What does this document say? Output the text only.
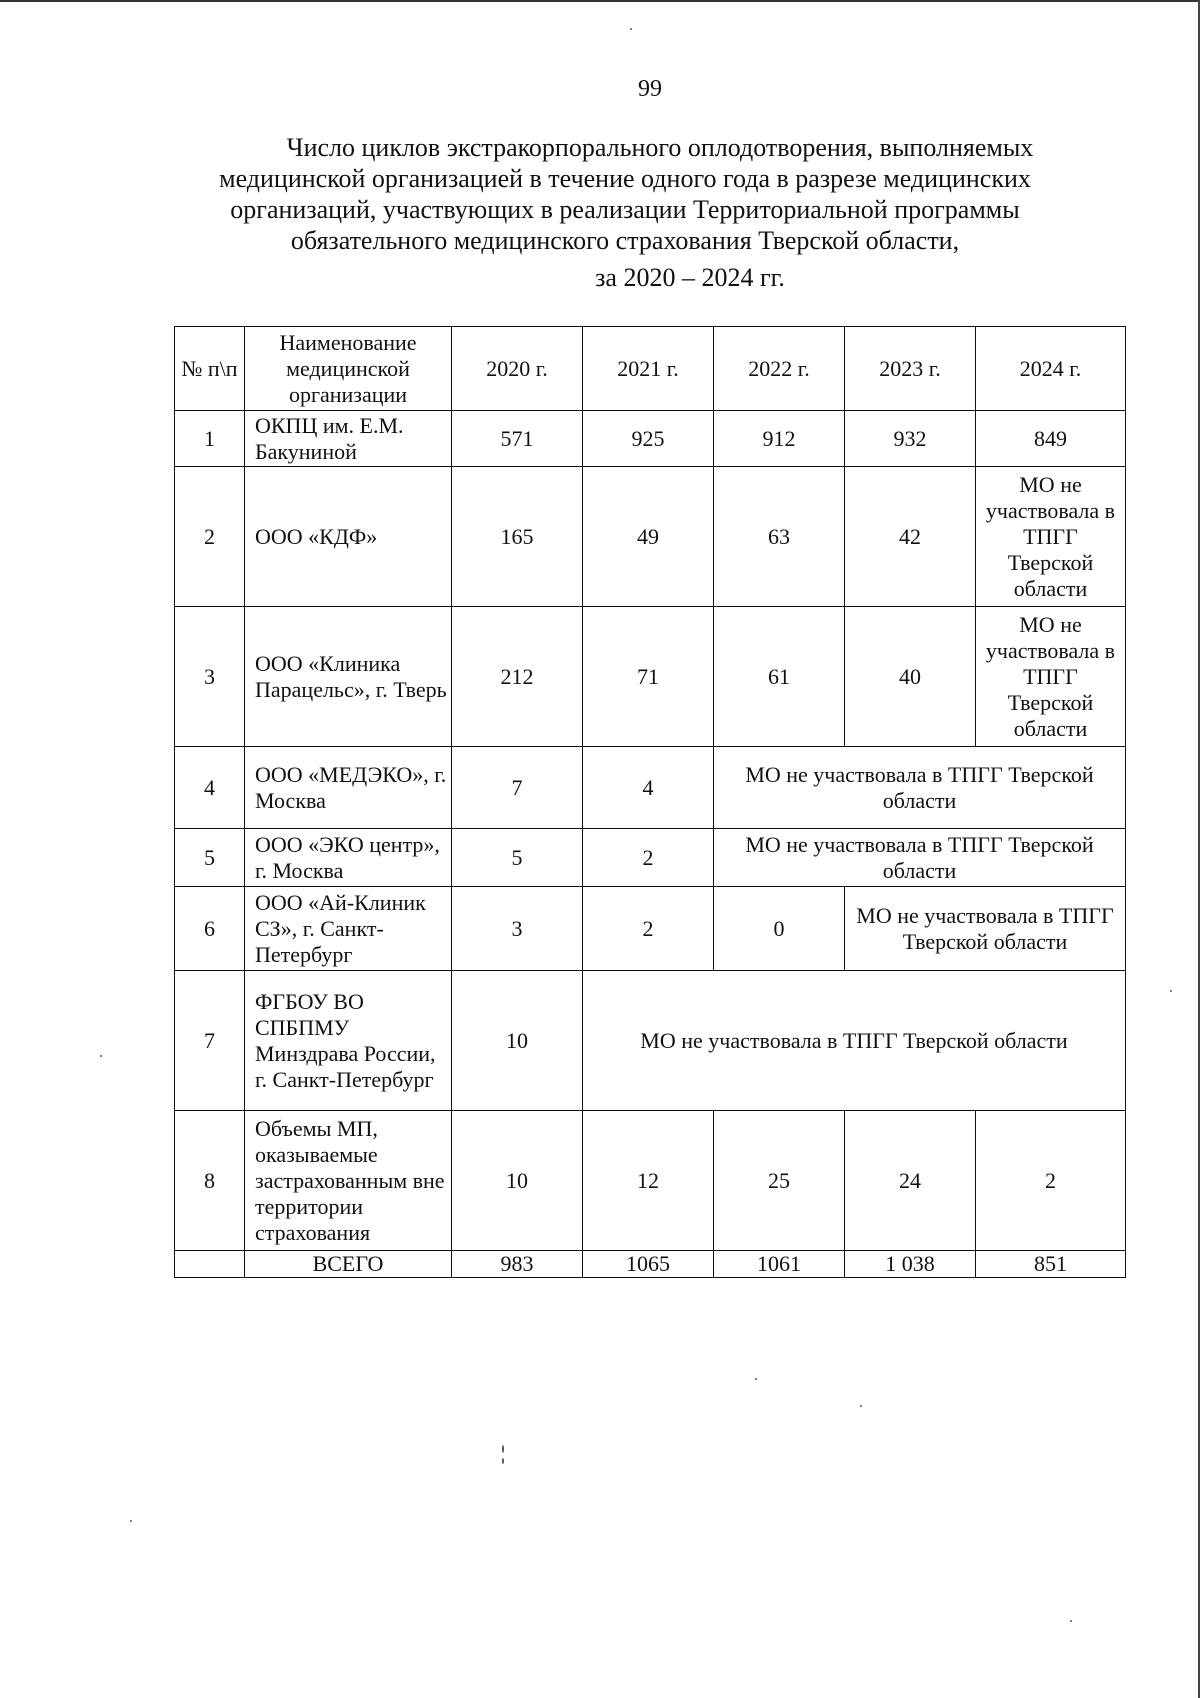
99
Число циклов экстракорпорального оплодотворения, выполняемых
медицинской организацией в течение одного года в разрезе медицинских
организаций, участвующих в реализации Территориальной программы
обязательного медицинского страхования Тверской области,
за 2020 – 2024 гг.
№ п\п	Наименование медицинской организации	2020 г.	2021 г.	2022 г.	2023 г.	2024 г.
1	ОКПЦ им. Е.М. Бакуниной	571	925	912	932	849
2	ООО «КДФ»	165	49	63	42	МО не участвовала в ТПГГ Тверской области
3	ООО «Клиника Парацельс», г. Тверь	212	71	61	40	МО не участвовала в ТПГГ Тверской области
4	ООО «МЕДЭКО», г. Москва	7	4	МО не участвовала в ТПГГ Тверской области		
5	ООО «ЭКО центр», г. Москва	5	2	МО не участвовала в ТПГГ Тверской области		
6	ООО «Ай-Клиник СЗ», г. Санкт-Петербург	3	2	0	МО не участвовала в ТПГГ Тверской области	
7	ФГБОУ ВО СПБПМУ Минздрава России, г. Санкт-Петербург	10	МО не участвовала в ТПГГ Тверской области			
8	Объемы МП, оказываемые застрахованным вне территории страхования	10	12	25	24	2
	ВСЕГО	983	1065	1061	1 038	851
